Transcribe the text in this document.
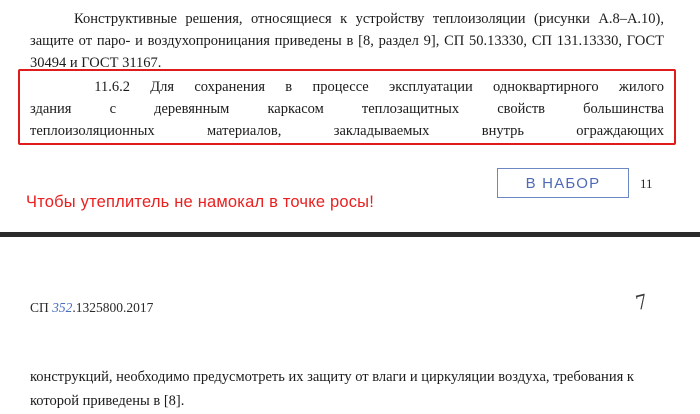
Конструктивные решения, относящиеся к устройству теплоизоляции (рисунки А.8–А.10), защите от паро- и воздухопроницания приведены в [8, раздел 9], СП 50.13330, СП 131.13330, ГОСТ 30494 и ГОСТ 31167.
11.6.2 Для сохранения в процессе эксплуатации одноквартирного жилого
здания	с	деревянным	каркасом	теплозащитных	свойств	большинства
теплоизоляционных	материалов,	закладываемых	внутрь	ограждающих
Чтобы утеплитель не намокал в точке росы!
В НАБОР	11
СП 352.1325800.2017	7
конструкций, необходимо предусмотреть их защиту от влаги и циркуляции воздуха, требования к которой приведены в [8].
